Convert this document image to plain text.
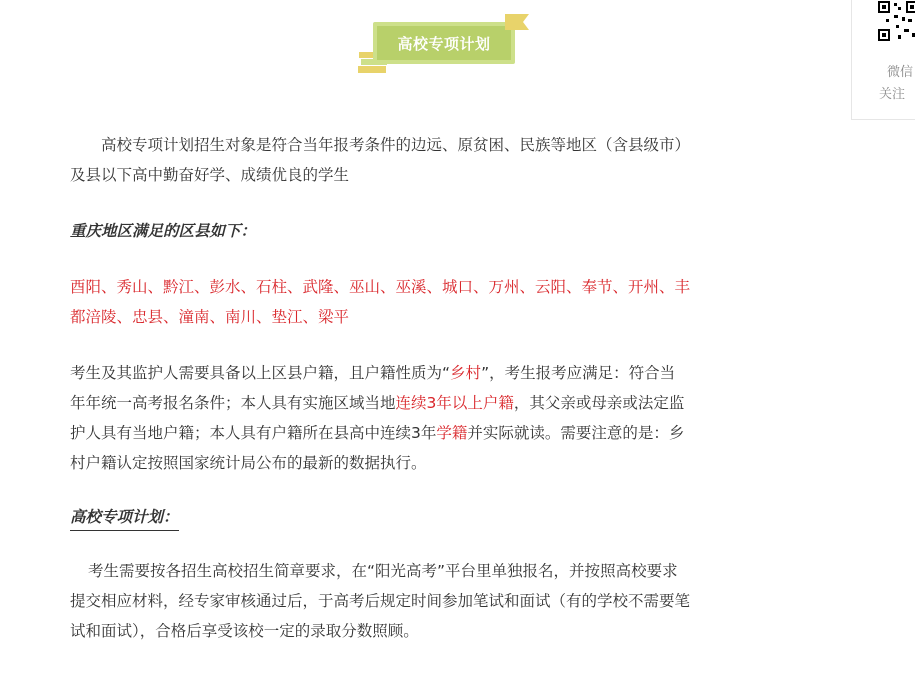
高校专项计划
微信
关注

高校专项计划招生对象是符合当年报考条件的边远、原贫困、民族等地区（含县级市）
及县以下高中勤奋好学、成绩优良的学生

重庆地区满足的区县如下：

酉阳、秀山、黔江、彭水、石柱、武隆、巫山、巫溪、城口、万州、云阳、奉节、开州、丰
都涪陵、忠县、潼南、南川、垫江、梁平

考生及其监护人需要具备以上区县户籍，且户籍性质为“乡村”，考生报考应满足：符合当
年年统一高考报名条件；本人具有实施区域当地连续3年以上户籍，其父亲或母亲或法定监
护人具有当地户籍；本人具有户籍所在县高中连续3年学籍并实际就读。需要注意的是：乡
村户籍认定按照国家统计局公布的最新的数据执行。

高校专项计划：

考生需要按各招生高校招生简章要求，在“阳光高考”平台里单独报名，并按照高校要求
提交相应材料，经专家审核通过后，于高考后规定时间参加笔试和面试（有的学校不需要笔
试和面试），合格后享受该校一定的录取分数照顾。
